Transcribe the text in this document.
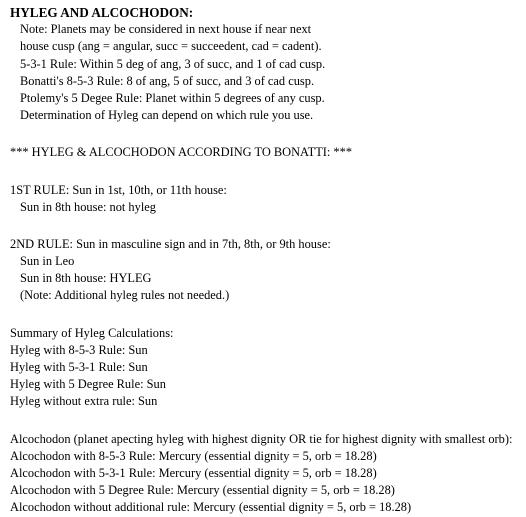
HYLEG AND ALCOCHODON:
Note: Planets may be considered in next house if near next
house cusp (ang = angular, succ = succeedent, cad = cadent).
5-3-1 Rule: Within 5 deg of ang, 3 of succ, and 1 of cad cusp.
Bonatti's 8-5-3 Rule: 8 of ang, 5 of succ, and 3 of cad cusp.
Ptolemy's 5 Degee Rule: Planet within 5 degrees of any cusp.
Determination of Hyleg can depend on which rule you use.
*** HYLEG & ALCOCHODON ACCORDING TO BONATTI: ***
1ST RULE: Sun in 1st, 10th, or 11th house:
Sun in 8th house: not hyleg
2ND RULE: Sun in masculine sign and in 7th, 8th, or 9th house:
Sun in Leo
Sun in 8th house: HYLEG
(Note: Additional hyleg rules not needed.)
Summary of Hyleg Calculations:
Hyleg with 8-5-3 Rule: Sun
Hyleg with 5-3-1 Rule: Sun
Hyleg with 5 Degree Rule: Sun
Hyleg without extra rule: Sun
Alcochodon (planet apecting hyleg with highest dignity OR tie for highest dignity with smallest orb):
Alcochodon with 8-5-3 Rule: Mercury (essential dignity = 5, orb = 18.28)
Alcochodon with 5-3-1 Rule: Mercury (essential dignity = 5, orb = 18.28)
Alcochodon with 5 Degree Rule: Mercury (essential dignity = 5, orb = 18.28)
Alcochodon without additional rule: Mercury (essential dignity = 5, orb = 18.28)
